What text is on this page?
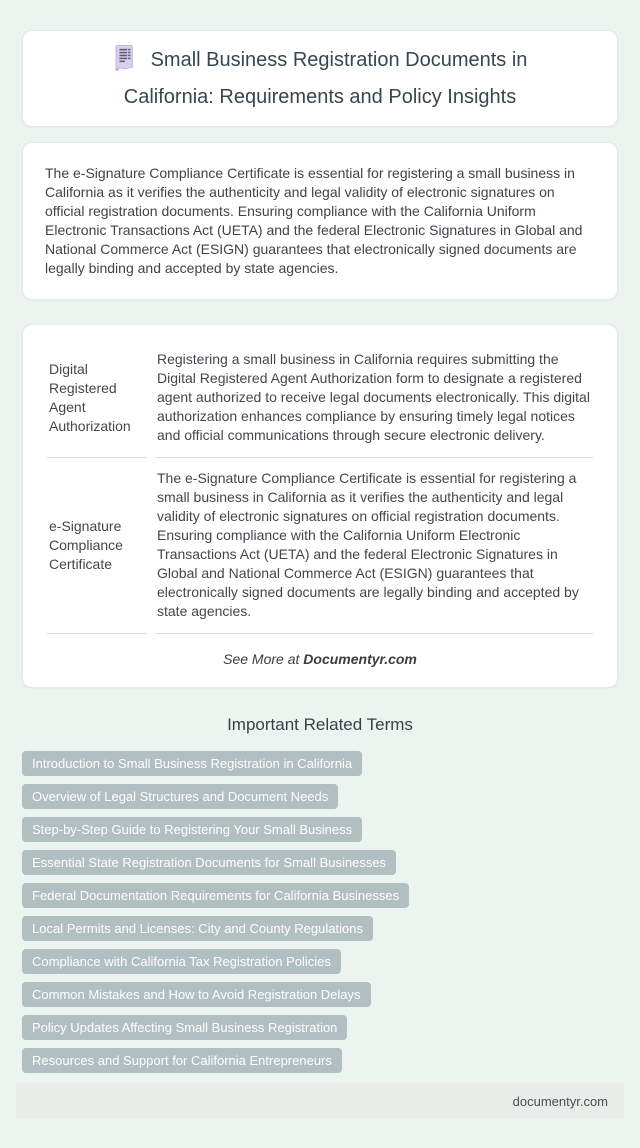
Small Business Registration Documents in California: Requirements and Policy Insights

The e-Signature Compliance Certificate is essential for registering a small business in California as it verifies the authenticity and legal validity of electronic signatures on official registration documents. Ensuring compliance with the California Uniform Electronic Transactions Act (UETA) and the federal Electronic Signatures in Global and National Commerce Act (ESIGN) guarantees that electronically signed documents are legally binding and accepted by state agencies.

Digital Registered Agent Authorization	Registering a small business in California requires submitting the Digital Registered Agent Authorization form to designate a registered agent authorized to receive legal documents electronically. This digital authorization enhances compliance by ensuring timely legal notices and official communications through secure electronic delivery.
e-Signature Compliance Certificate	The e-Signature Compliance Certificate is essential for registering a small business in California as it verifies the authenticity and legal validity of electronic signatures on official registration documents. Ensuring compliance with the California Uniform Electronic Transactions Act (UETA) and the federal Electronic Signatures in Global and National Commerce Act (ESIGN) guarantees that electronically signed documents are legally binding and accepted by state agencies.
See More at Documentyr.com
Important Related Terms
Introduction to Small Business Registration in California
Overview of Legal Structures and Document Needs
Step-by-Step Guide to Registering Your Small Business
Essential State Registration Documents for Small Businesses
Federal Documentation Requirements for California Businesses
Local Permits and Licenses: City and County Regulations
Compliance with California Tax Registration Policies
Common Mistakes and How to Avoid Registration Delays
Policy Updates Affecting Small Business Registration
Resources and Support for California Entrepreneurs
documentyr.com
